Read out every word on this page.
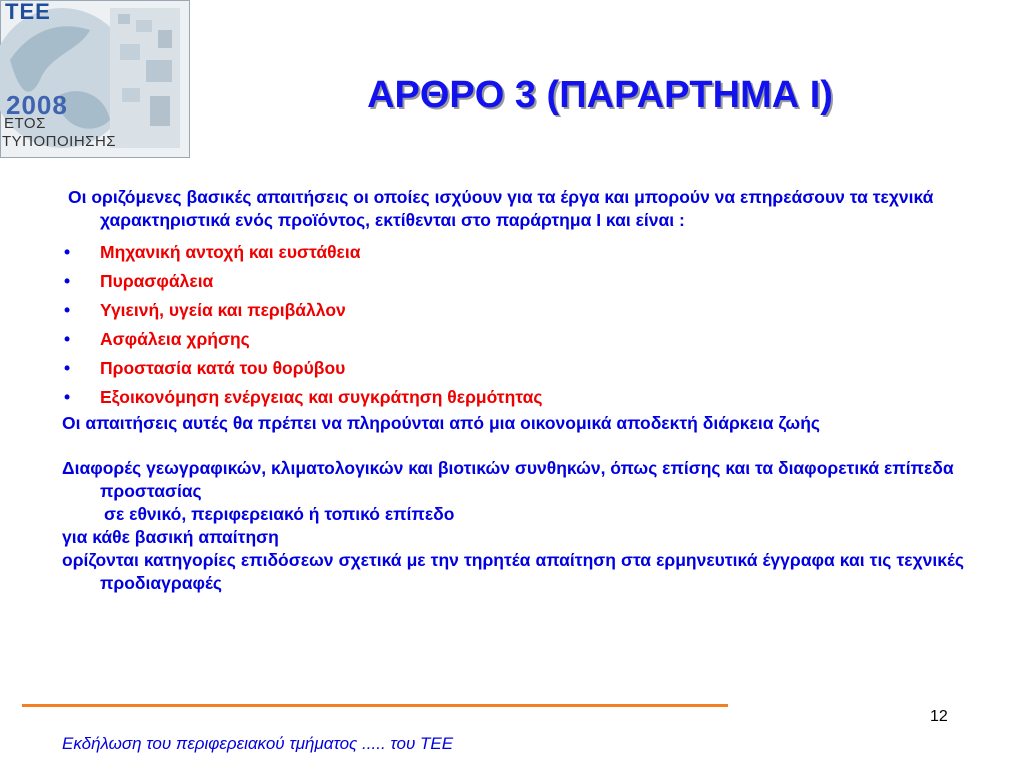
TEE
2008
ΕΤΟΣ
ΤΥΠΟΠΟΙΗΣΗΣ
ΑΡΘΡΟ 3 (ΠΑΡΑΡΤΗΜΑ Ι)
Οι οριζόμενες βασικές απαιτήσεις οι οποίες ισχύουν για τα έργα και μπορούν να επηρεάσουν τα τεχνικά χαρακτηριστικά ενός προϊόντος, εκτίθενται στο παράρτημα Ι και είναι :
• Μηχανική αντοχή και ευστάθεια
• Πυρασφάλεια
• Υγιεινή, υγεία και περιβάλλον
• Ασφάλεια χρήσης
• Προστασία κατά του θορύβου
• Εξοικονόμηση ενέργειας και συγκράτηση θερμότητας
Οι απαιτήσεις αυτές θα πρέπει να πληρούνται από μια οικονομικά αποδεκτή διάρκεια ζωής
Διαφορές γεωγραφικών, κλιματολογικών και βιοτικών συνθηκών, όπως επίσης και τα διαφορετικά επίπεδα προστασίας
σε εθνικό, περιφερειακό ή τοπικό επίπεδο
για κάθε βασική απαίτηση
ορίζονται κατηγορίες επιδόσεων σχετικά με την τηρητέα απαίτηση στα ερμηνευτικά έγγραφα και τις τεχνικές προδιαγραφές
12
Εκδήλωση του περιφερειακού τμήματος ..... του ΤΕΕ
